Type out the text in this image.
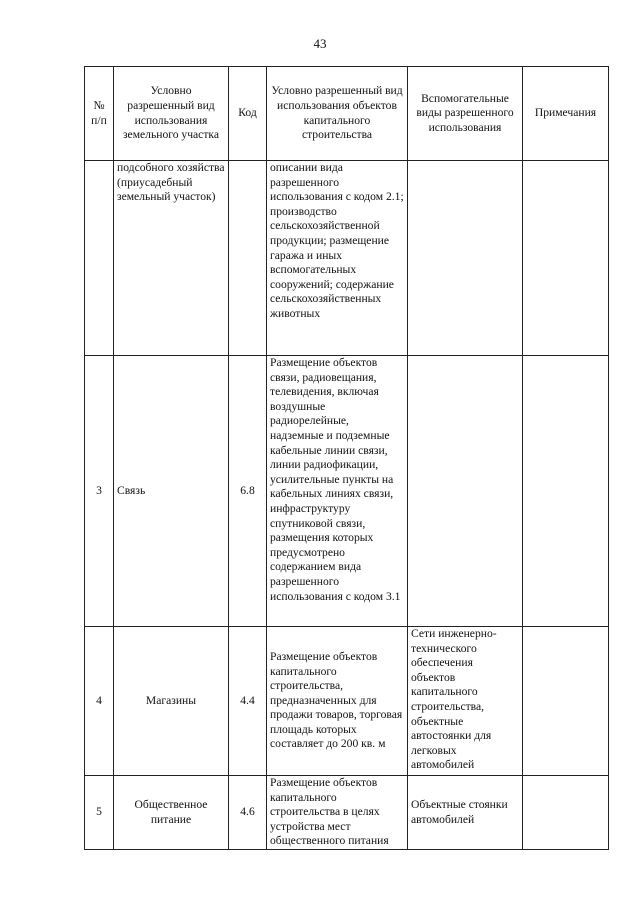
43
№ п/п	Условно разрешенный вид использования земельного участка	Код	Условно разрешенный вид использования объектов капитального строительства	Вспомогательные виды разрешенного использования	Примечания
	подсобного хозяйства (приусадебный земельный участок)		описании вида разрешенного использования с кодом 2.1; производство сельскохозяйственной продукции; размещение гаража и иных вспомогательных сооружений; содержание сельскохозяйственных животных		
3	Связь	6.8	Размещение объектов связи, радиовещания, телевидения, включая воздушные радиорелейные, надземные и подземные кабельные линии связи, линии радиофикации, усилительные пункты на кабельных линиях связи, инфраструктуру спутниковой связи, размещения которых предусмотрено содержанием вида разрешенного использования с кодом 3.1		
4	Магазины	4.4	Размещение объектов капитального строительства, предназначенных для продажи товаров, торговая площадь которых составляет до 200 кв. м	Сети инженерно-технического обеспечения объектов капитального строительства, объектные автостоянки для легковых автомобилей	
5	Общественное питание	4.6	Размещение объектов капитального строительства в целях устройства мест общественного питания	Объектные стоянки автомобилей	
